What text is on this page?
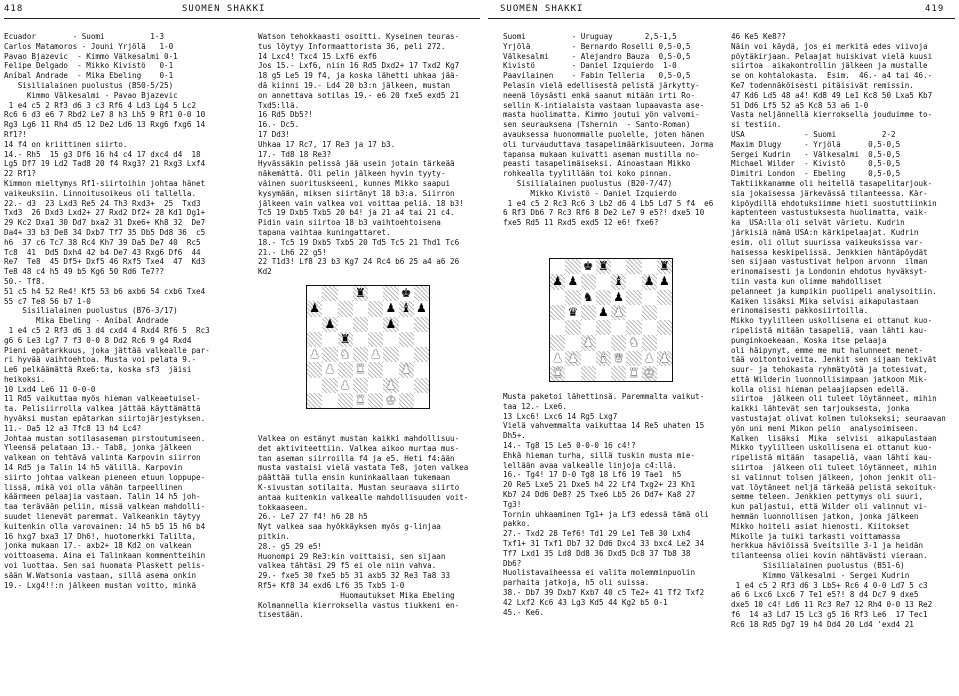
418	SUOMEN SHAKKI	SUOMEN SHAKKI	419
Ecuador        - Suomi          1-3
Carlos Matamoros - Jouni Yrjölä   1-0
Pavao Bjazevic  - Kimmo Välkesalmi 0-1
Felipe Delgado  - Mikko Kivistö   0-1
Aníbal Andrade  - Mika Ebeling    0-1
Sisilialainen puolustus (B50-5/25)
Kimmo Välkesalmi - Pavao Bjazevic
1 e4 c5 2 Rf3 d6 3 c3 Rf6 4 Ld3 Lg4 5 Lc2
Rc6 6 d3 e6 7 Rbd2 Le7 8 h3 Lh5 9 Rf1 0-0 10
Rg3 Lg6 11 Rh4 d5 12 De2 Ld6 13 Rxg6 fxg6 14
Rf1?!
14 f4 on kriittinen siirto.
14.- Rh5  15 g3 Df6 16 h4 c4 17 dxc4 d4  18
Lg5 Df7 19 Ld2 Tad8 20 f4 Rxg3? 21 Rxg3 Lxf4
22 Rf1?
Kimmon mieltymys Rf1-siirtoihin johtaa hänet
vaikeuksiin. Linnoitusoikeus oli tallella.
22.- d3  23 Lxd3 Re5 24 Th3 Rxd3+  25  Txd3
Txd3  26 Dxd3 Lxd2+ 27 Rxd2 Df2+ 28 Kd1 Dg1+
29 Kc2 Dxa1 30 Dd7 bxa2 31 Dxe6+ Kh8 32  De7
Da4+ 33 b3 De8 34 Dxb7 Tf7 35 Db5 Dd8 36  c5
h6  37 c6 Tc7 38 Rc4 Kh7 39 Da5 De7 40  Rc5
Tc8  41  Dd5 Dxh4 42 b4 De7 43 Rxg6 Df6  44
Re7  Te8  45 Df5+ Dxf5 46 Rxf5 Txe4  47  Kd3
Te8 48 c4 h5 49 b5 Kg6 50 Rd6 Te7??
50.- Tf8.
51 c5 h4 52 Re4! Kf5 53 b6 axb6 54 cxb6 Txe4
55 c7 Te8 56 b7 1-0
Sisilialainen puolustus (B76-3/17)
Mika Ebeling - Aníbal Andrade
1 e4 c5 2 Rf3 d6 3 d4 cxd4 4 Rxd4 Rf6 5  Rc3
g6 6 Le3 Lg7 7 f3 0-0 8 Dd2 Rc6 9 g4 Rxd4
Pieni epätarkkuus, joka jättää valkealle par-
ri hyvää vaihtoehtoa. Musta voi pelata 9.-
Le6 pelkäämättä Rxe6:ta, koska sf3  jäisi
heikoksi.
10 Lxd4 Le6 11 0-0-0
11 Rd5 vaikuttaa myös hieman valkeaetuisel-
ta. Pelisiirrolla valkea jättää käyttämättä
hyväksi mustan epätarkan siirtojärjestyksen.
11.- Da5 12 a3 Tfc8 13 h4 Lc4?
Johtaa mustan sotilasaseman pirstoutumiseen.
Yleensä pelataan 13.- Tab8, jonka jälkeen
valkean on tehtävä valinta Karpovin siirron
14 Rd5 ja Talin 14 h5 välillä. Karpovin
siirto johtaa valkean pieneen etuun loppupe-
lissä, mikä voi olla vähän tarpeellinen
käärmeen pelaajia vastaan. Talin 14 h5 joh-
taa terävään peliin, missä valkean mahdolli-
suudet lienevät paremmat. Valkeankin täytyy
kuitenkin olla varovainen: 14 h5 b5 15 h6 b4
16 hxg7 bxa3 17 Dh6!, huotomerkki Talilta,
jonka mukaan 17.- axb2+ 18 Kd2 on valkean
voittoasema. Aina ei Talinkaan kommentteihin
voi luottaa. Sen sai huomata Plaskett pelis-
sään W.Watsonia vastaan, sillä asema onkin
19.- Lxg4!!:n jälkeen mustan voitto, minkä
Watson tehokkaasti osoitti. Kyseinen teuras-
tus löytyy Informaattorista 36, peli 272.
14 Lxc4! Txc4 15 Lxf6 exf6
Jos 15.- Lxf6, niin 16 Rd5 Dxd2+ 17 Txd2 Kg7
18 g5 Le5 19 f4, ja koska lähetti uhkaa jää-
dä kiinni 19.- Ld4 20 b3:n jälkeen, mustan
on annettava sotilas 19.- e6 20 fxe5 exd5 21
Txd5:llä.
16 Rd5 Db5?!
16.- Dc5.
17 Dd3!
Uhkaa 17 Rc7, 17 Re3 ja 17 b3.
17.- Td8 18 Re3?
Hyvässäkin pelissä jää usein jotain tärkeää
näkemättä. Oli pelin jälkeen hyvin tyyty-
väinen suorituskseeni, kunnes Mikko saapui
kysymään, miksen siirtänyt 18 b3:a. Siirron
jälkeen vain valkea voi voittaa peliä. 18 b3!
Tc5 19 Dxb5 Txb5 20 b4! ja 21 a4 tai 21 c4.
Pidin vain siirtoa 18 b3 vaihtoehtoisena
tapana vaihtaa kuningattaret.
18.- Tc5 19 Dxb5 Txb5 20 Td5 Tc5 21 Thd1 Tc6
21.- Lh6 22 g5!
22 T1d3! Lf8 23 b3 Kg7 24 Rc4 b6 25 a4 a6 26
Kd2
♜	♚
♟	♟ ♝ ♟
♟	♟
♜
♟ ♞ ♟
♟ ♜	♟
♟	♟
♜ ♚
Valkea on estänyt mustan kaikki mahdollisuu-
det aktiviteettiin. Valkea aikoo murtaa mus-
tan aseman siirroilla f4 ja e5. Heti f4:ään
musta vastaisi vielä vastata Te8, joten valkea
päättää tulla ensin kuninkaallaan tukemaan
K-sivustan sotilaita. Mustan seuraava siirto
antaa kuitenkin valkealle mahdollisuuden voit-
tokkaaseen.
26.- Le7 27 f4! h6 28 h5
Nyt valkea saa hyökkäyksen myös g-linjaa
pitkin.
28.- g5 29 e5!
Huonompi 29 Re3:kin voittaisi, sen sijaan
valkea tähtäsi 29 f5 ei ole niin vahva.
29.- fxe5 30 fxe5 b5 31 axb5 32 Re3 Ta8 33
Rf5+ Kf8 34 exd6 Lf6 35 Txb5 1-0
Huomautukset Mika Ebeling
Kolmannella kierroksella vastus tiukkeni en-
tisestään.
Suomi          - Uruguay       2,5-1,5
Yrjölä         - Bernardo Roselli 0,5-0,5
Välkesalmi     - Alejandro Bauza  0,5-0,5
Kivistö        - Daniel Izquierdo  1-0
Paavilainen    - Fabin Telleria   0,5-0,5
Pelasin vielä edellisestä pelistä järkytty-
neenä löysästi enkä saanut mitään irti Ro-
sellin K-intialaista vastaan lupaavasta ase-
masta huolimatta. Kimmo joutui yön valvomi-
sen seurauksena (Tshernin  - Santo-Roman)
avauksessa huonommalle puolelle, joten hänen
oli turvauduttava tasapelimäärkisuuteen. Jorma
tapansa mukaan kuivatti aseman mustilla no-
peasti tasapelimäiseksi. Ainoastaan Mikko
rohkealla tyylillään toi koko pinnan.
Sisilialainen puolustus (B20-7/47)
Mikko Kivistö - Daniel Izquierdo
1 e4 c5 2 Rc3 Rc6 3 Lb2 d6 4 Lb5 Ld7 5 f4  e6
6 Rf3 Db6 7 Rc3 Rf6 8 De2 Le7 9 e5?! dxe5 10
fxe5 Rd5 11 Rxd5 exd5 12 e6! fxe6?
♚ ♜	♜
♟ ♟	♝ ♟ ♟
♞ ♟
♛ ♟ ♟
♟	♞
♟ ♟ ♝ ♛ ♟ ♟
♜	♜ ♚
Musta paketoi lähettinsä. Paremmalta vaikut-
taa 12.- Lxe6.
13 Lxc6! Lxc6 14 Rg5 Lxg7
Vielä vahvemmalta vaikuttaa 14 Re5 uhaten 15
Dh5+.
14.- Tg8 15 Le5 0-0-0 16 c4!?
Ehkä hieman turha, sillä tuskin musta mie-
lellään avaa valkealle linjoja c4:llä.
16.- Tg4! 17 D-0 Tg8 18 Lf6 19 Tae1  h5
20 Re5 Lxe5 21 Dxe5 h4 22 Lf4 Txg2+ 23 Kh1
Kb7 24 Dd6 De8? 25 Txe6 Lb5 26 Dd7+ Ka8 27
Tg3!
Tornin uhkaaminen Tg1+ ja Lf3 edessä tämä oli
pakko.
27.- Txd2 28 Tef6! Td1 29 Le1 Te8 30 Lxh4
Txf1+ 31 Txf1 Db7 32 Dd6 Dxc4 33 bxc4 Le2 34
Tf7 Lxd1 35 Ld8 Dd8 36 Dxd5 Dc8 37 Tb8 38
Db6?
Huolistavaiheessa ei valita molemminpuolin
parhaita jatkoja, h5 oli suissa.
38.- Db7 39 Dxb7 Kxb7 40 c5 Te2+ 41 Tf2 Txf2
42 Lxf2 Kc6 43 Lg3 Kd5 44 Kg2 b5 0-1
45.- Ke6.
46 Ke5 Ke8??
Näin voi käydä, jos ei merkitä edes viivoja
pöytäkirjaan. Pelaajat huiskivat vielä kuusi
siirtoa  aikakontrollin jälkeen ja mustalle
se on kohtalokasta.  Esim.  46.- a4 tai 46.-
Ke7 todennäköisesti pitäisivät remissin.
47 Kd6 Ld5 48 a4! Kd8 49 Le1 Kc8 50 Lxa5 Kb7
51 Dd6 Lf5 52 a5 Kc8 53 a6 1-0
Vasta neljännellä kierroksella jouduimme to-
si testiin.
USA             - Suomi          2-2
Maxim Dlugy     - Yrjölä      0,5-0,5
Sergei Kudrin   - Välkesalmi  0,5-0,5
Michael Wilder  - Kivistö     0,5-0,5
Dimitri London  - Ebeling     0,5-0,5
Taktiikkanamme oli heitellä tasapelitarjouk-
sia jokaisessa järkevässä tilanteessa. Kär-
kipöydillä ehdotuksiimme hieti suostuttiinkin
kaptenteen vastustuksesta huolimatta, vaik-
ka  USA:lla oli selvät värietu. Kudrin
järkisiä nämä USA:n kärkipelaajat. Kudrin
esim. oli ollut suurissa vaikeuksissa var-
haisessa keskipelissä. Jenkkien häntäpöydät
sen sijaan vastustivat helpon arvonn  ilman
erinomaisesti ja Londonin ehdotus hyväksyt-
tiin vasta kun olimme mahdolliset
pelanneet ja kumpikin puolipeli analysoitiin.
Kaiken lisäksi Mika selvisi aikapulastaan
erinomaisesti pakkosiirtoilla.
Mikko tyylilleen uskollisena ei ottanut kuo-
ripelistä mitään tasapeliä, vaan lähti kau-
punginkoekeaan. Koska itse pelaaja
oli häipynyt, emme me mut halunneet menet-
tää voitontoiveita. Jenkit sen sijaan tekivät
suur- ja tehokasta ryhmätyötä ja totesivat,
että Wilderin luonnollisimpaan jatkoon Mik-
kolla olisi hieman pelaajiapsen edellä.
siirtoa  jälkeen oli tuleet löytänneet, mihin
kaikki lähtevät sen tarjouksesta, jonka
vastustajat olivat kolmen tulokseksi; seuraavan
yön uni meni Mikon pelin  analysoimiseen.
Kalken  lisäksi  Mika  selvisi  aikapulastaan
Mikko tyylilleen uskollisena ei ottanut kuo-
ripelistä mitään  tasapeliä, vaan lähti kau-
siirtoa  jälkeen oli tuleet löytänneet, mihin
si valinnut tolsen jälkeen, johon jenkit oli-
vat löytäneet neljä tärkeää pelistä sekoituk-
semme teleen. Jenkkien pettymys oli suuri,
kun paljastui, että Wilder oli valinnut vi-
hemmän luonnollisen jatkon, jonka jälkeen
Mikko hoiteli asiat hienosti. Kiitokset
Mikolle ja tuiki tarkasti voittamassa
herkkua häviöissä Sveitsille 3-1 ja heidän
tilanteensa oliei kovin nähtävästi vieraan.
Sisilialainen puolustus (B51-6)
Kimmo Välkesalmi - Sergei Kudrin
1 e4 c5 2 Rf3 d6 3 Lb5+ Rc6 4 0-0 Ld7 5 c3
a6 6 Lxc6 Lxc6 7 Te1 e5?! 8 d4 Dc7 9 dxe5
dxe5 10 c4! Ld6 11 Rc3 Re7 12 Rh4 0-0 13 Re2
f6  14 a3 Ld7 15 Lc3 g5 16 Rf3 Le6  17 Tec1
Rc6 18 Rd5 Dg7 19 h4 Dd4 20 Ld4 'exd4 21
